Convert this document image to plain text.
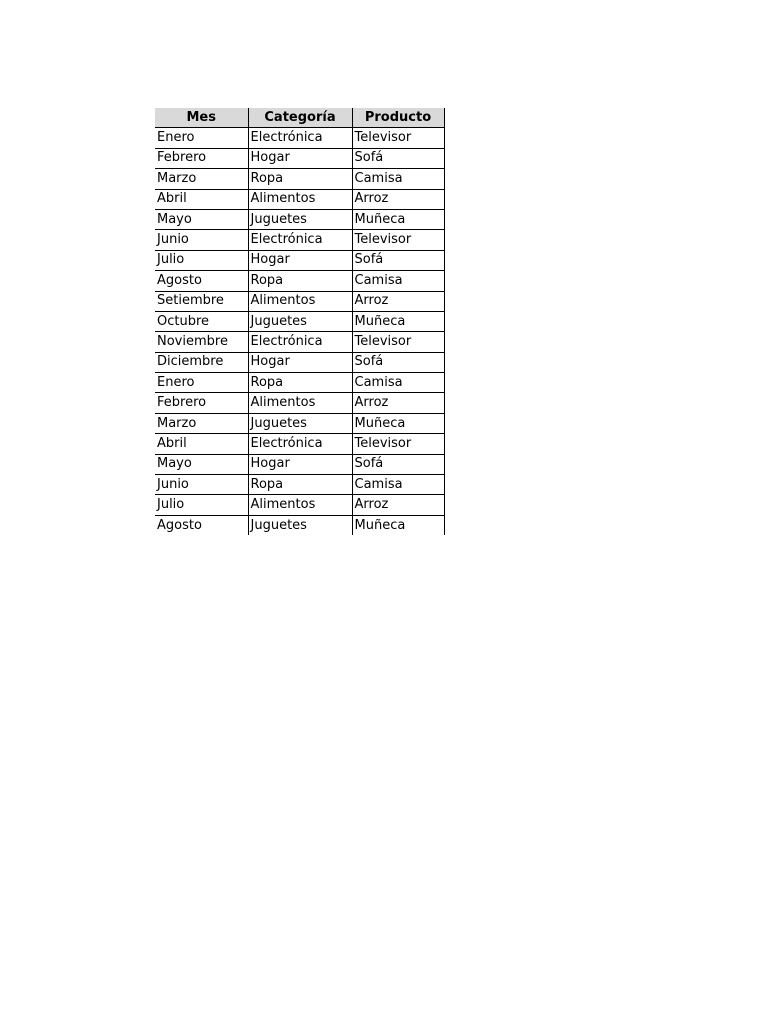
Mes	Categoría	Producto
Enero	Electrónica	Televisor
Febrero	Hogar	Sofá
Marzo	Ropa	Camisa
Abril	Alimentos	Arroz
Mayo	Juguetes	Muñeca
Junio	Electrónica	Televisor
Julio	Hogar	Sofá
Agosto	Ropa	Camisa
Setiembre	Alimentos	Arroz
Octubre	Juguetes	Muñeca
Noviembre	Electrónica	Televisor
Diciembre	Hogar	Sofá
Enero	Ropa	Camisa
Febrero	Alimentos	Arroz
Marzo	Juguetes	Muñeca
Abril	Electrónica	Televisor
Mayo	Hogar	Sofá
Junio	Ropa	Camisa
Julio	Alimentos	Arroz
Agosto	Juguetes	Muñeca
